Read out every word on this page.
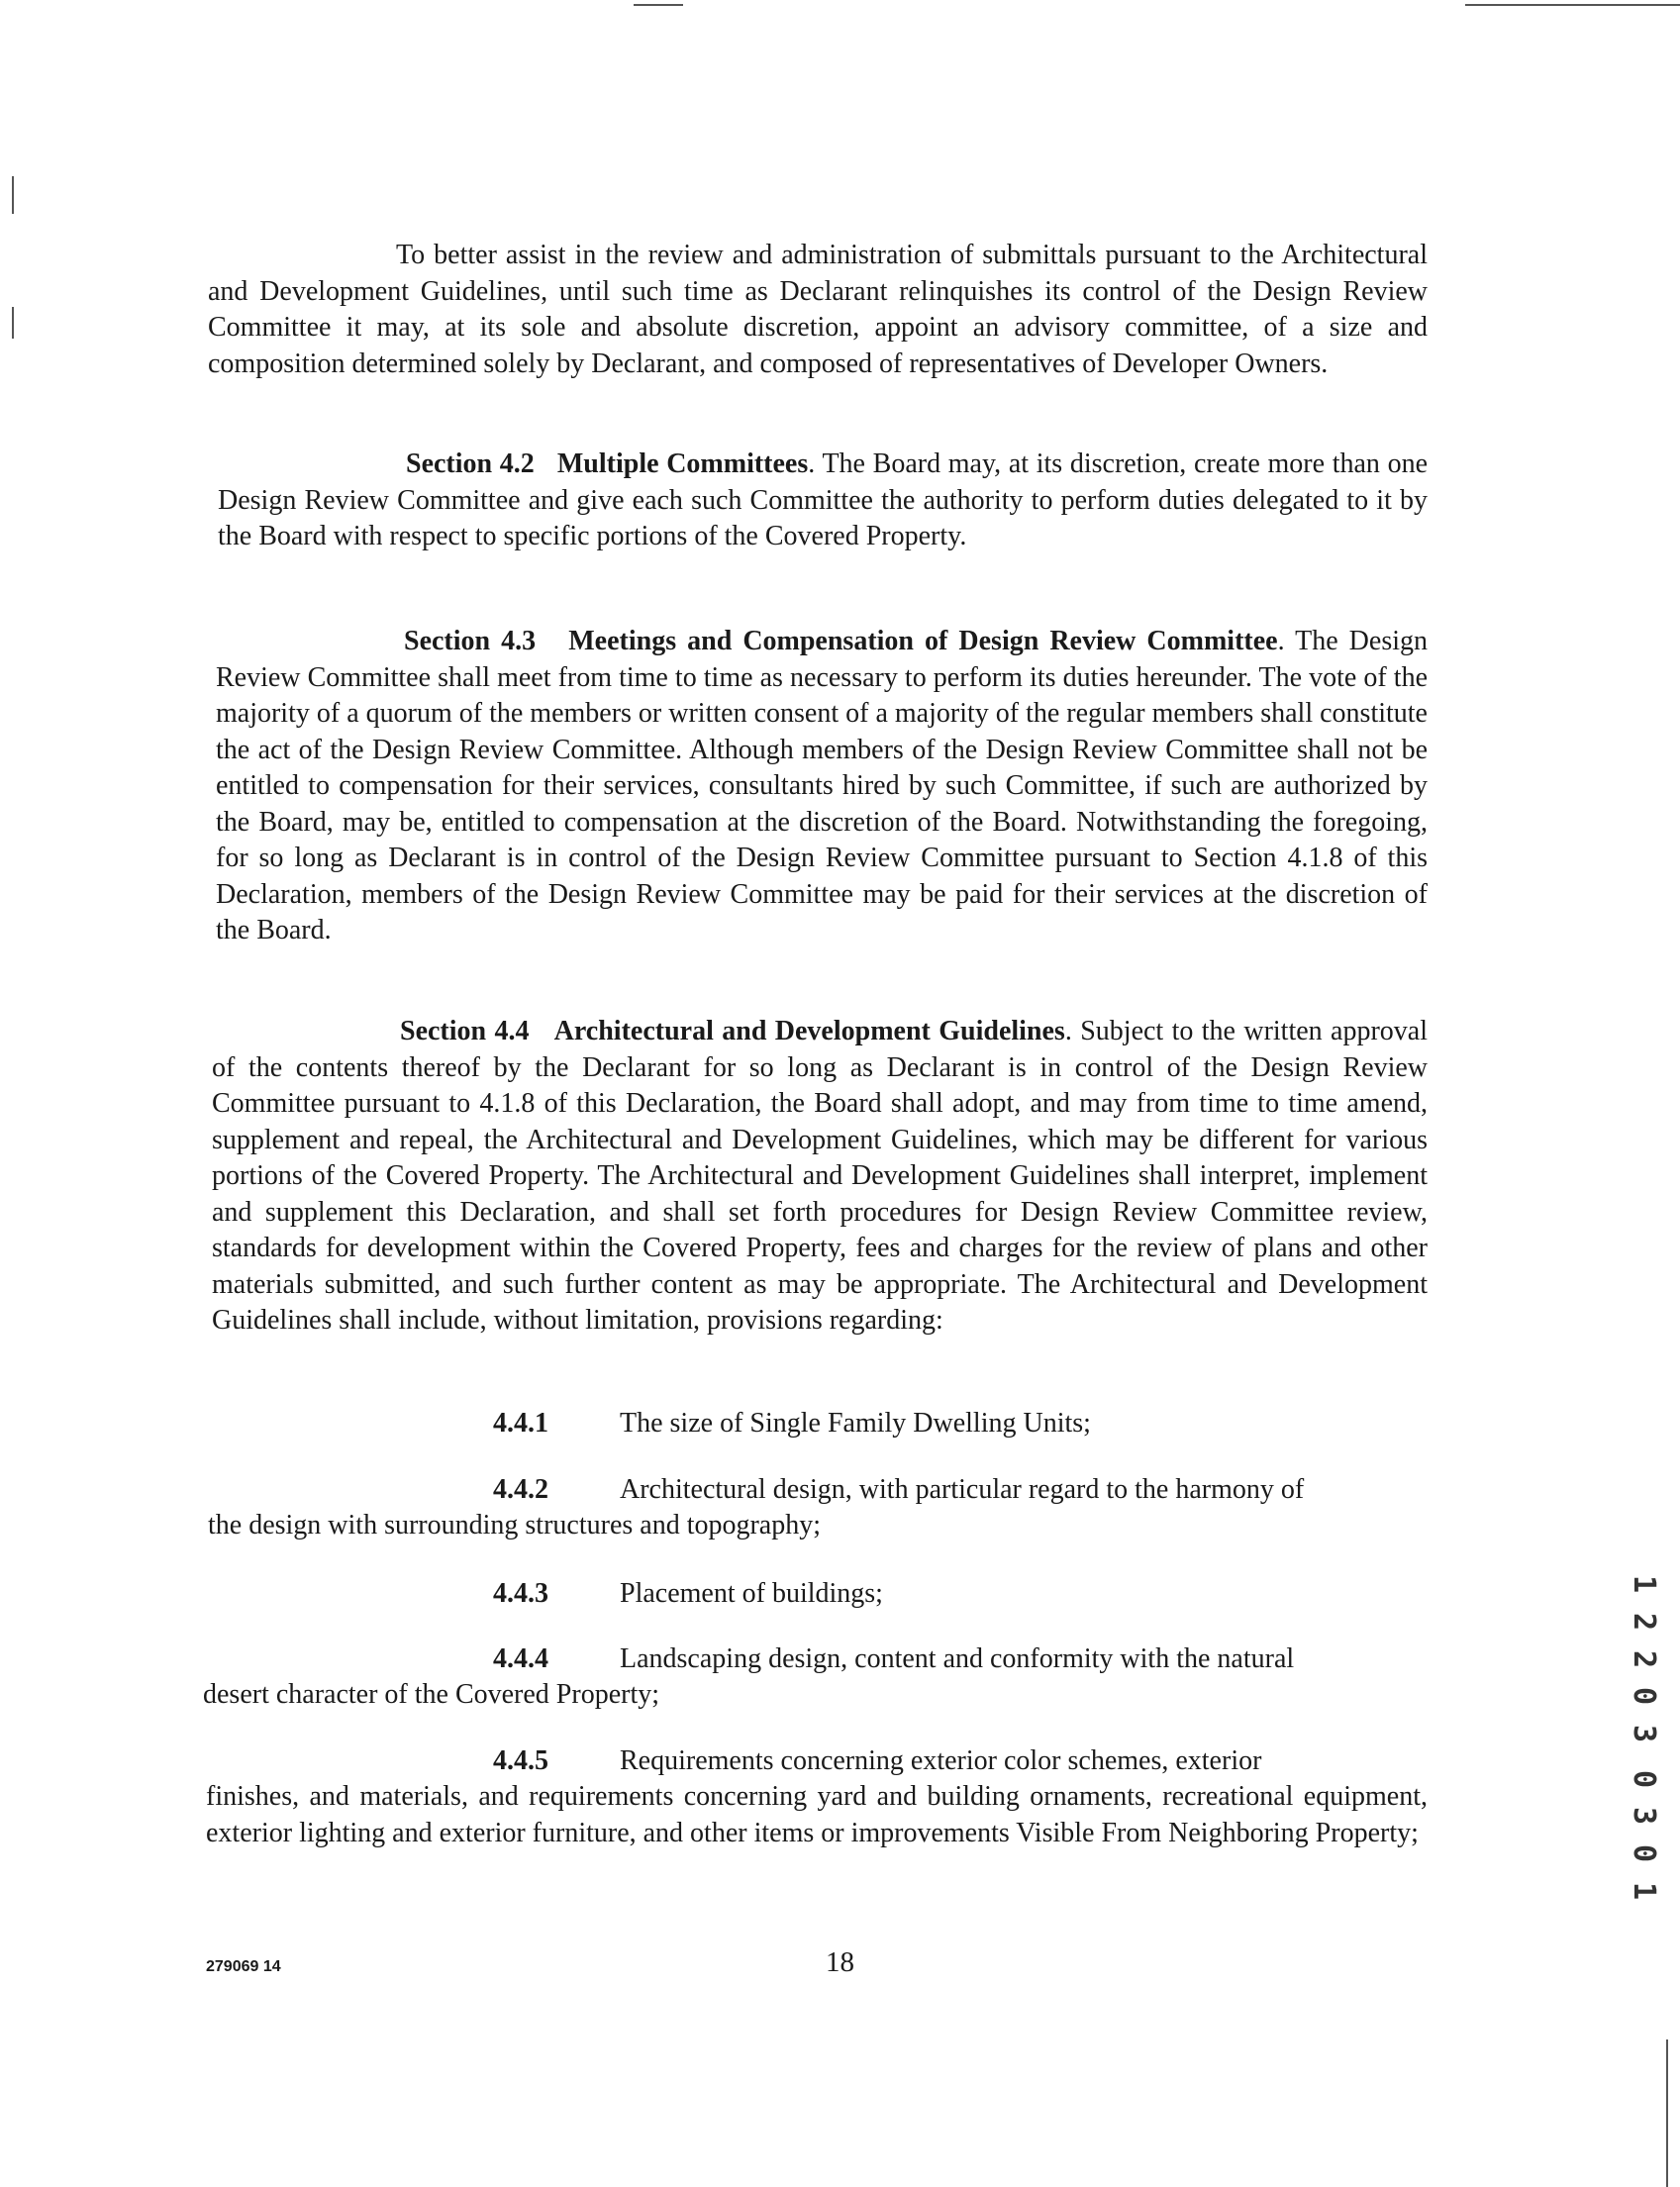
To better assist in the review and administration of submittals pursuant to the Architectural and Development Guidelines, until such time as Declarant relinquishes its control of the Design Review Committee it may, at its sole and absolute discretion, appoint an advisory committee, of a size and composition determined solely by Declarant, and composed of representatives of Developer Owners.
Section 4.2 Multiple Committees. The Board may, at its discretion, create more than one Design Review Committee and give each such Committee the authority to perform duties delegated to it by the Board with respect to specific portions of the Covered Property.
Section 4.3 Meetings and Compensation of Design Review Committee. The Design Review Committee shall meet from time to time as necessary to perform its duties hereunder. The vote of the majority of a quorum of the members or written consent of a majority of the regular members shall constitute the act of the Design Review Committee. Although members of the Design Review Committee shall not be entitled to compensation for their services, consultants hired by such Committee, if such are authorized by the Board, may be, entitled to compensation at the discretion of the Board. Notwithstanding the foregoing, for so long as Declarant is in control of the Design Review Committee pursuant to Section 4.1.8 of this Declaration, members of the Design Review Committee may be paid for their services at the discretion of the Board.
Section 4.4 Architectural and Development Guidelines. Subject to the written approval of the contents thereof by the Declarant for so long as Declarant is in control of the Design Review Committee pursuant to 4.1.8 of this Declaration, the Board shall adopt, and may from time to time amend, supplement and repeal, the Architectural and Development Guidelines, which may be different for various portions of the Covered Property. The Architectural and Development Guidelines shall interpret, implement and supplement this Declaration, and shall set forth procedures for Design Review Committee review, standards for development within the Covered Property, fees and charges for the review of plans and other materials submitted, and such further content as may be appropriate. The Architectural and Development Guidelines shall include, without limitation, provisions regarding:
4.4.1	The size of Single Family Dwelling Units;
4.4.2	Architectural design, with particular regard to the harmony of
the design with surrounding structures and topography;
4.4.3	Placement of buildings;
4.4.4	Landscaping design, content and conformity with the natural
desert character of the Covered Property;
4.4.5	Requirements concerning exterior color schemes, exterior
finishes, and materials, and requirements concerning yard and building ornaments, recreational equipment, exterior lighting and exterior furniture, and other items or improvements Visible From Neighboring Property;
279069 14	18
1
2
2
0
3
0
3
0
1
